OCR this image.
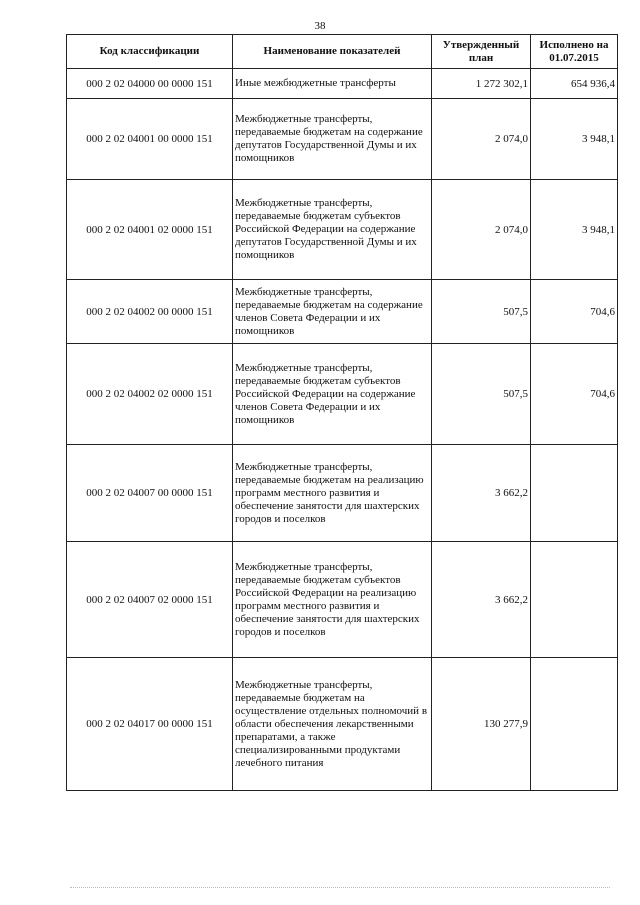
38
Код классификации	Наименование показателей	Утвержденный план	Исполнено на 01.07.2015
000 2 02 04000 00 0000 151	Иные межбюджетные трансферты	1 272 302,1	654 936,4
000 2 02 04001 00 0000 151	Межбюджетные трансферты, передаваемые бюджетам на содержание депутатов Государственной Думы и их помощников	2 074,0	3 948,1
000 2 02 04001 02 0000 151	Межбюджетные трансферты, передаваемые бюджетам субъектов Российской Федерации на содержание депутатов Государственной Думы и их помощников	2 074,0	3 948,1
000 2 02 04002 00 0000 151	Межбюджетные трансферты, передаваемые бюджетам на содержание членов Совета Федерации и их помощников	507,5	704,6
000 2 02 04002 02 0000 151	Межбюджетные трансферты, передаваемые бюджетам субъектов Российской Федерации на содержание членов Совета Федерации и их помощников	507,5	704,6
000 2 02 04007 00 0000 151	Межбюджетные трансферты, передаваемые бюджетам на реализацию программ местного развития и обеспечение занятости для шахтерских городов и поселков	3 662,2	
000 2 02 04007 02 0000 151	Межбюджетные трансферты, передаваемые бюджетам субъектов Российской Федерации на реализацию программ местного развития и обеспечение занятости для шахтерских городов и поселков	3 662,2	
000 2 02 04017 00 0000 151	Межбюджетные трансферты, передаваемые бюджетам на осуществление отдельных полномочий в области обеспечения лекарственными препаратами, а также специализированными продуктами лечебного питания	130 277,9	
